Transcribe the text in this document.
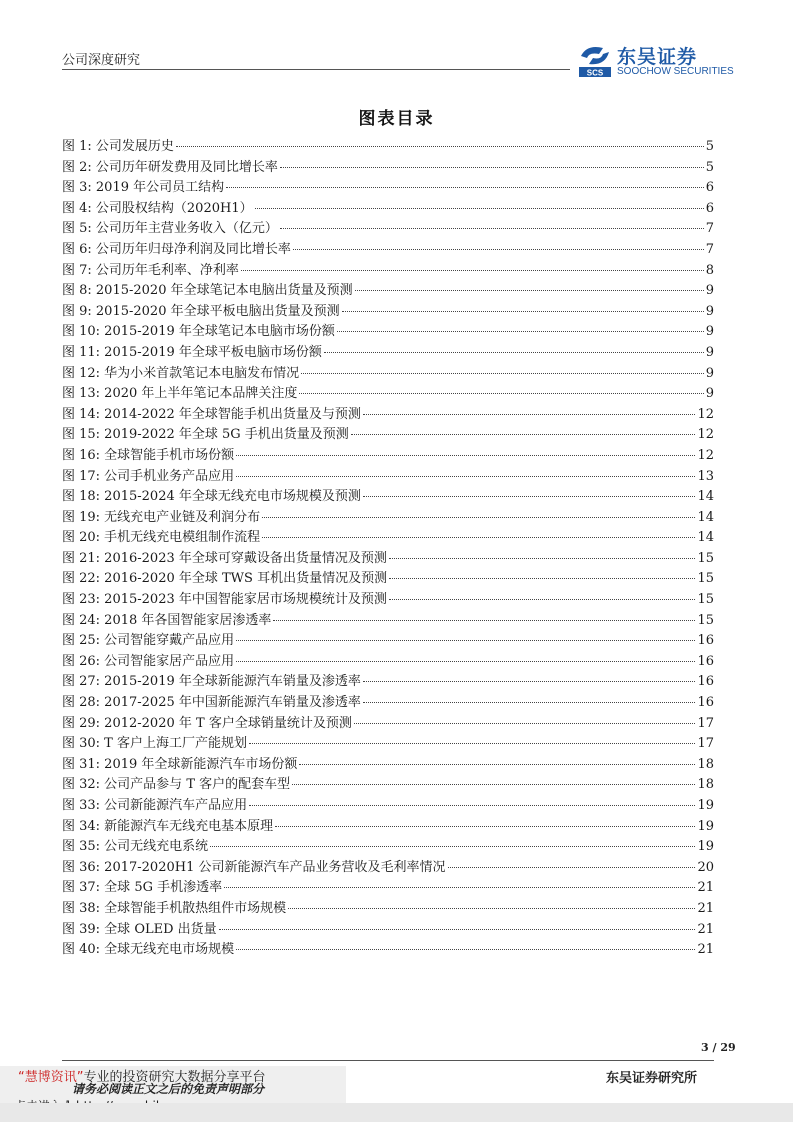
公司深度研究
SCS
东吴证券
SOOCHOW SECURITIES
图表目录
图 1: 公司发展历史	5
图 2: 公司历年研发费用及同比增长率	5
图 3: 2019 年公司员工结构	6
图 4: 公司股权结构（2020H1）	6
图 5: 公司历年主营业务收入（亿元）	7
图 6: 公司历年归母净利润及同比增长率	7
图 7: 公司历年毛利率、净利率	8
图 8: 2015-2020 年全球笔记本电脑出货量及预测	9
图 9: 2015-2020 年全球平板电脑出货量及预测	9
图 10: 2015-2019 年全球笔记本电脑市场份额	9
图 11: 2015-2019 年全球平板电脑市场份额	9
图 12: 华为小米首款笔记本电脑发布情况	9
图 13: 2020 年上半年笔记本品牌关注度	9
图 14: 2014-2022 年全球智能手机出货量及与预测	12
图 15: 2019-2022 年全球 5G 手机出货量及预测	12
图 16: 全球智能手机市场份额	12
图 17: 公司手机业务产品应用	13
图 18: 2015-2024 年全球无线充电市场规模及预测	14
图 19: 无线充电产业链及利润分布	14
图 20: 手机无线充电模组制作流程	14
图 21: 2016-2023 年全球可穿戴设备出货量情况及预测	15
图 22: 2016-2020 年全球 TWS 耳机出货量情况及预测	15
图 23: 2015-2023 年中国智能家居市场规模统计及预测	15
图 24: 2018 年各国智能家居渗透率	15
图 25: 公司智能穿戴产品应用	16
图 26: 公司智能家居产品应用	16
图 27: 2015-2019 年全球新能源汽车销量及渗透率	16
图 28: 2017-2025 年中国新能源汽车销量及渗透率	16
图 29: 2012-2020 年 T 客户全球销量统计及预测	17
图 30: T 客户上海工厂产能规划	17
图 31: 2019 年全球新能源汽车市场份额	18
图 32: 公司产品参与 T 客户的配套车型	18
图 33: 公司新能源汽车产品应用	19
图 34: 新能源汽车无线充电基本原理	19
图 35: 公司无线充电系统	19
图 36: 2017-2020H1 公司新能源汽车产品业务营收及毛利率情况	20
图 37: 全球 5G 手机渗透率	21
图 38: 全球智能手机散热组件市场规模	21
图 39: 全球 OLED 出货量	21
图 40: 全球无线充电市场规模	21
3 / 29
东吴证券研究所
“慧博资讯”专业的投资研究大数据分享平台
请务必阅读正文之后的免责声明部分
